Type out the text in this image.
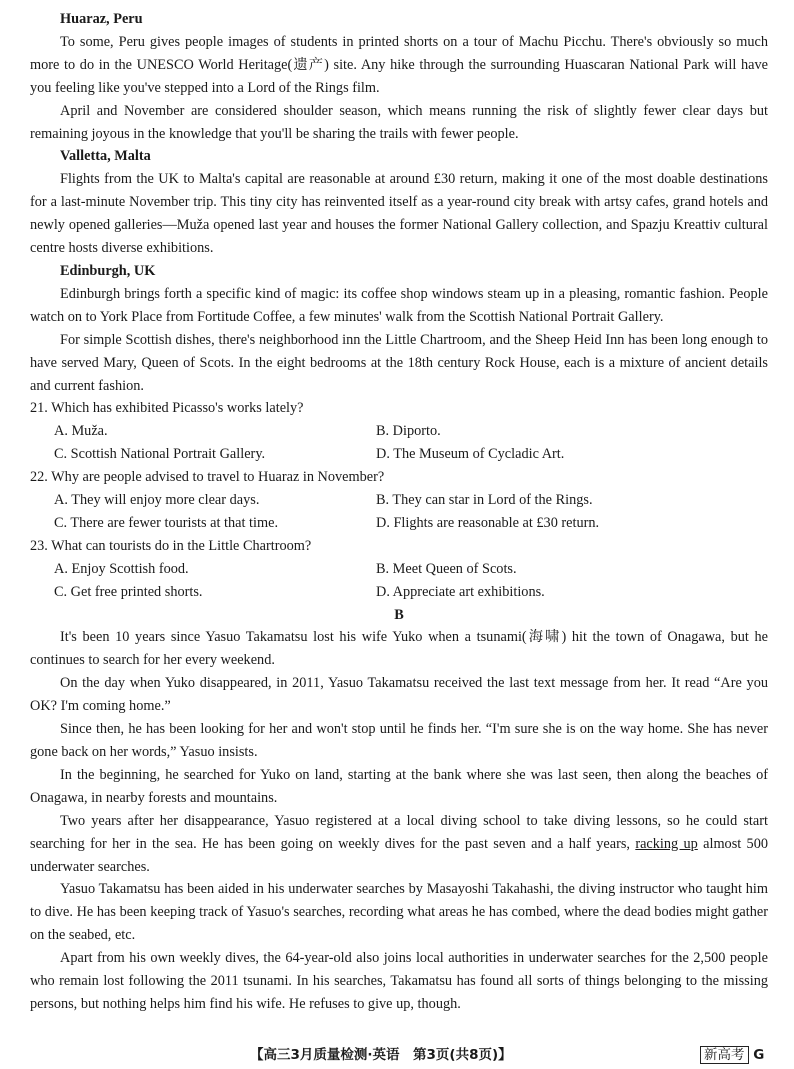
Huaraz, Peru

To some, Peru gives people images of students in printed shorts on a tour of Machu Picchu. There's obviously so much more to do in the UNESCO World Heritage(遗产) site. Any hike through the surrounding Huascaran National Park will have you feeling like you've stepped into a Lord of the Rings film.

April and November are considered shoulder season, which means running the risk of slightly fewer clear days but remaining joyous in the knowledge that you'll be sharing the trails with fewer people.

Valletta, Malta

Flights from the UK to Malta's capital are reasonable at around £30 return, making it one of the most doable destinations for a last-minute November trip. This tiny city has reinvented itself as a year-round city break with artsy cafes, grand hotels and newly opened galleries—Muža opened last year and houses the former National Gallery collection, and Spazju Kreattiv cultural centre hosts diverse exhibitions.

Edinburgh, UK

Edinburgh brings forth a specific kind of magic: its coffee shop windows steam up in a pleasing, romantic fashion. People watch on to York Place from Fortitude Coffee, a few minutes' walk from the Scottish National Portrait Gallery.

For simple Scottish dishes, there's neighborhood inn the Little Chartroom, and the Sheep Heid Inn has been long enough to have served Mary, Queen of Scots. In the eight bedrooms at the 18th century Rock House, each is a mixture of ancient details and current fashion.

21. Which has exhibited Picasso's works lately?

A. Muža.	B. Diporto.
C. Scottish National Portrait Gallery.	D. The Museum of Cycladic Art.

22. Why are people advised to travel to Huaraz in November?

A. They will enjoy more clear days.	B. They can star in Lord of the Rings.
C. There are fewer tourists at that time.	D. Flights are reasonable at £30 return.

23. What can tourists do in the Little Chartroom?

A. Enjoy Scottish food.	B. Meet Queen of Scots.
C. Get free printed shorts.	D. Appreciate art exhibitions.

B

It's been 10 years since Yasuo Takamatsu lost his wife Yuko when a tsunami(海啸) hit the town of Onagawa, but he continues to search for her every weekend.

On the day when Yuko disappeared, in 2011, Yasuo Takamatsu received the last text message from her. It read “Are you OK? I'm coming home.”

Since then, he has been looking for her and won't stop until he finds her. “I'm sure she is on the way home. She has never gone back on her words,” Yasuo insists.

In the beginning, he searched for Yuko on land, starting at the bank where she was last seen, then along the beaches of Onagawa, in nearby forests and mountains.

Two years after her disappearance, Yasuo registered at a local diving school to take diving lessons, so he could start searching for her in the sea. He has been going on weekly dives for the past seven and a half years, racking up almost 500 underwater searches.

Yasuo Takamatsu has been aided in his underwater searches by Masayoshi Takahashi, the diving instructor who taught him to dive. He has been keeping track of Yasuo's searches, recording what areas he has combed, where the dead bodies might gather on the seabed, etc.

Apart from his own weekly dives, the 64-year-old also joins local authorities in underwater searches for the 2,500 people who remain lost following the 2011 tsunami. In his searches, Takamatsu has found all sorts of things belonging to the missing persons, but nothing helps him find his wife. He refuses to give up, though.

【高三3月质量检测·英语　第3页(共8页)】	新高考 G
